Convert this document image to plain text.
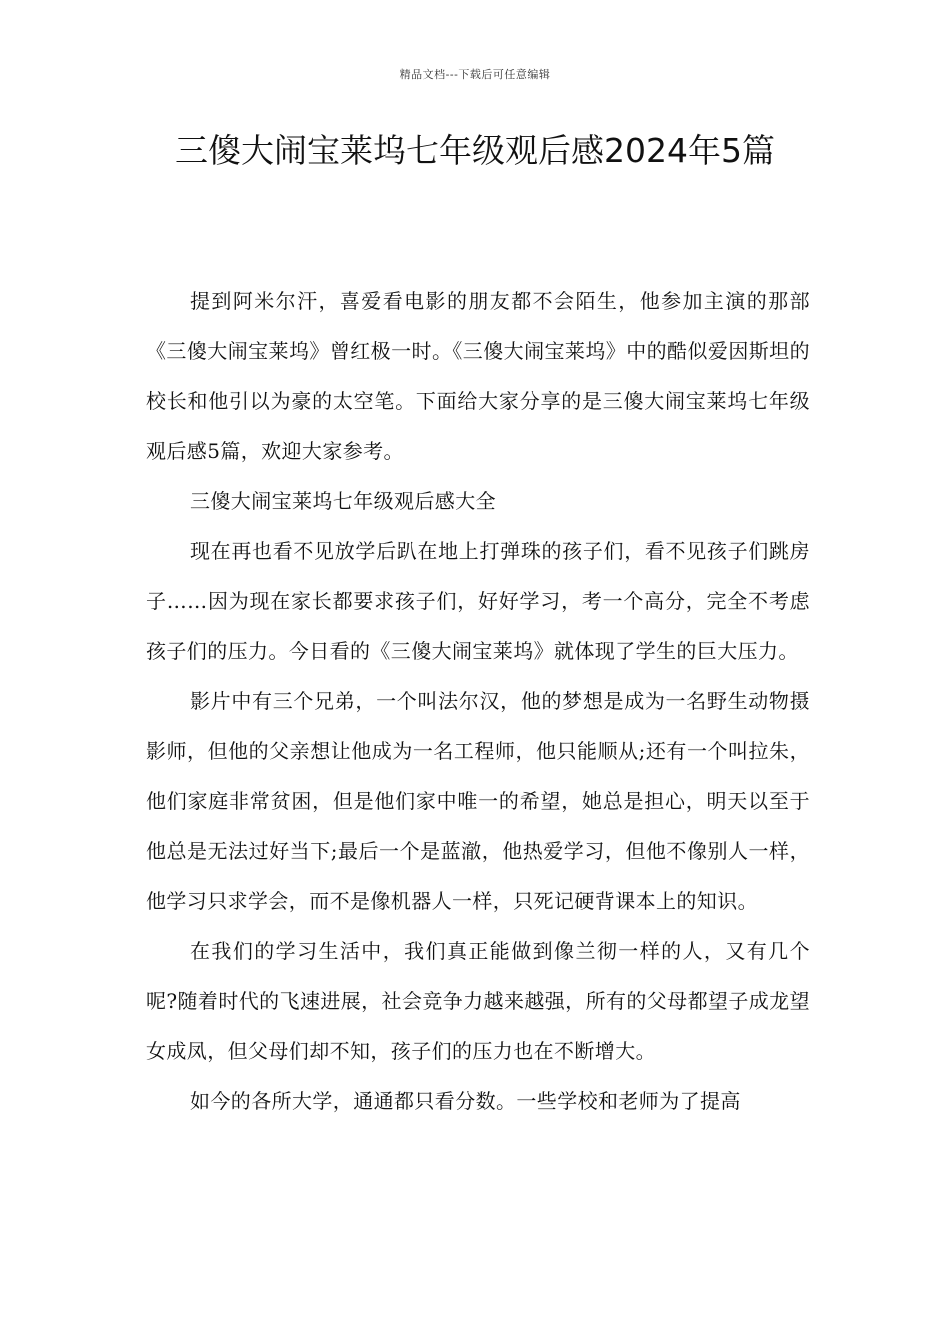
精品文档---下载后可任意编辑
三傻大闹宝莱坞七年级观后感2024年5篇

提到阿米尔汗，喜爱看电影的朋友都不会陌生，他参加主演的那部《三傻大闹宝莱坞》曾红极一时。《三傻大闹宝莱坞》中的酷似爱因斯坦的校长和他引以为豪的太空笔。下面给大家分享的是三傻大闹宝莱坞七年级观后感5篇，欢迎大家参考。

三傻大闹宝莱坞七年级观后感大全

现在再也看不见放学后趴在地上打弹珠的孩子们，看不见孩子们跳房子……因为现在家长都要求孩子们，好好学习，考一个高分，完全不考虑孩子们的压力。今日看的《三傻大闹宝莱坞》就体现了学生的巨大压力。

影片中有三个兄弟，一个叫法尔汉，他的梦想是成为一名野生动物摄影师，但他的父亲想让他成为一名工程师，他只能顺从;还有一个叫拉朱，他们家庭非常贫困，但是他们家中唯一的希望，她总是担心，明天以至于他总是无法过好当下;最后一个是蓝澈，他热爱学习，但他不像别人一样，他学习只求学会，而不是像机器人一样，只死记硬背课本上的知识。

在我们的学习生活中，我们真正能做到像兰彻一样的人，又有几个呢?随着时代的飞速进展，社会竞争力越来越强，所有的父母都望子成龙望女成凤，但父母们却不知，孩子们的压力也在不断增大。

如今的各所大学，通通都只看分数。一些学校和老师为了提高
